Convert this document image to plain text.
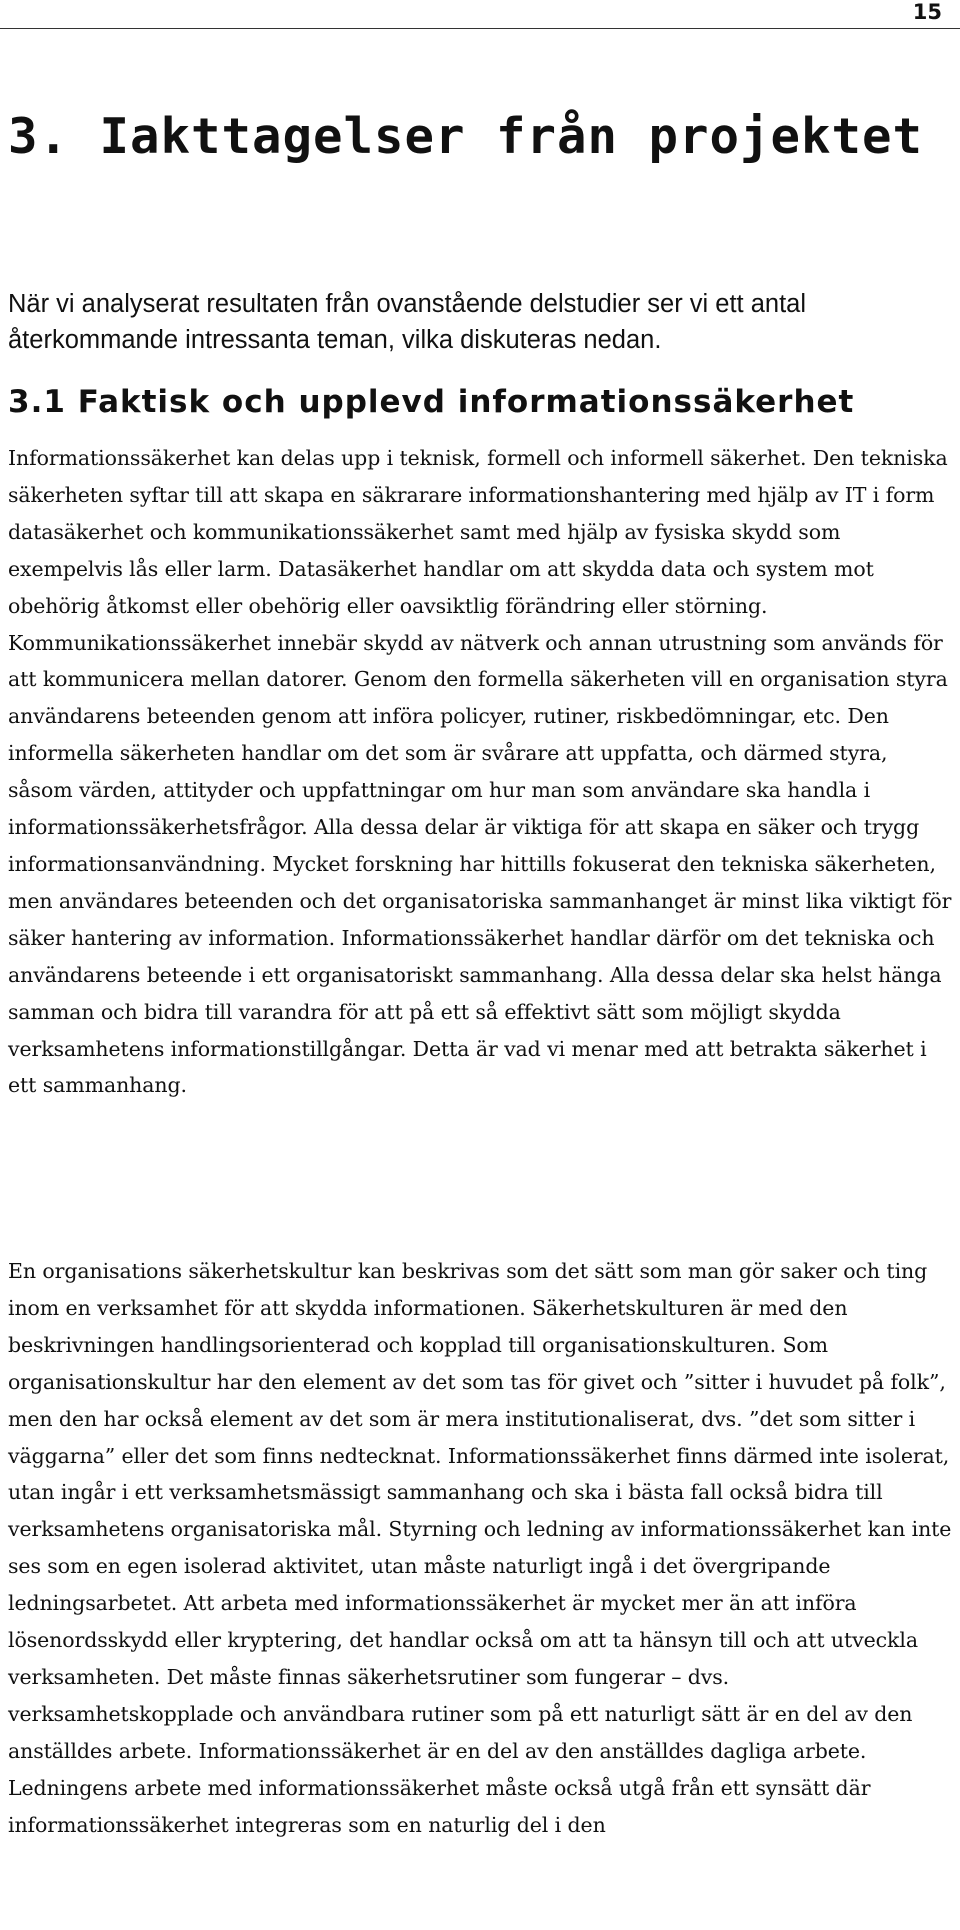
15
3. Iakttagelser från projektet

När vi analyserat resultaten från ovanstående delstudier ser vi ett antal återkommande intressanta teman, vilka diskuteras nedan.

3.1 Faktisk och upplevd informationssäkerhet

Informationssäkerhet kan delas upp i teknisk, formell och informell säkerhet. Den tekniska säkerheten syftar till att skapa en säkrarare informationshantering med hjälp av IT i form datasäkerhet och kommunikationssäkerhet samt med hjälp av fysiska skydd som exempelvis lås eller larm. Datasäkerhet handlar om att skydda data och system mot obehörig åtkomst eller obehörig eller oavsiktlig förändring eller störning. Kommunikationssäkerhet innebär skydd av nätverk och annan utrustning som används för att kommunicera mellan datorer. Genom den formella säkerheten vill en organisation styra användarens beteenden genom att införa policyer, rutiner, riskbedömningar, etc. Den informella säkerheten handlar om det som är svårare att uppfatta, och därmed styra, såsom värden, attityder och uppfattningar om hur man som användare ska handla i informationssäkerhetsfrågor. Alla dessa delar är viktiga för att skapa en säker och trygg informationsanvändning. Mycket forskning har hittills fokuserat den tekniska säkerheten, men användares beteenden och det organisatoriska sammanhanget är minst lika viktigt för säker hantering av information. Informationssäkerhet handlar därför om det tekniska och användarens beteende i ett organisatoriskt sammanhang. Alla dessa delar ska helst hänga samman och bidra till varandra för att på ett så effektivt sätt som möjligt skydda verksamhetens informationstillgångar. Detta är vad vi menar med att betrakta säkerhet i ett sammanhang.

En organisations säkerhetskultur kan beskrivas som det sätt som man gör saker och ting inom en verksamhet för att skydda informationen. Säkerhetskulturen är med den beskrivningen handlingsorienterad och kopplad till organisationskulturen. Som organisationskultur har den element av det som tas för givet och ”sitter i huvudet på folk”, men den har också element av det som är mera institutionaliserat, dvs. ”det som sitter i väggarna” eller det som finns nedtecknat. Informationssäkerhet finns därmed inte isolerat, utan ingår i ett verksamhetsmässigt sammanhang och ska i bästa fall också bidra till verksamhetens organisatoriska mål. Styrning och ledning av informationssäkerhet kan inte ses som en egen isolerad aktivitet, utan måste naturligt ingå i det övergripande ledningsarbetet. Att arbeta med informationssäkerhet är mycket mer än att införa lösenordsskydd eller kryptering, det handlar också om att ta hänsyn till och att utveckla verksamheten. Det måste finnas säkerhetsrutiner som fungerar – dvs. verksamhetskopplade och användbara rutiner som på ett naturligt sätt är en del av den anställdes arbete. Informationssäkerhet är en del av den anställdes dagliga arbete. Ledningens arbete med informationssäkerhet måste också utgå från ett synsätt där informationssäkerhet integreras som en naturlig del i den
